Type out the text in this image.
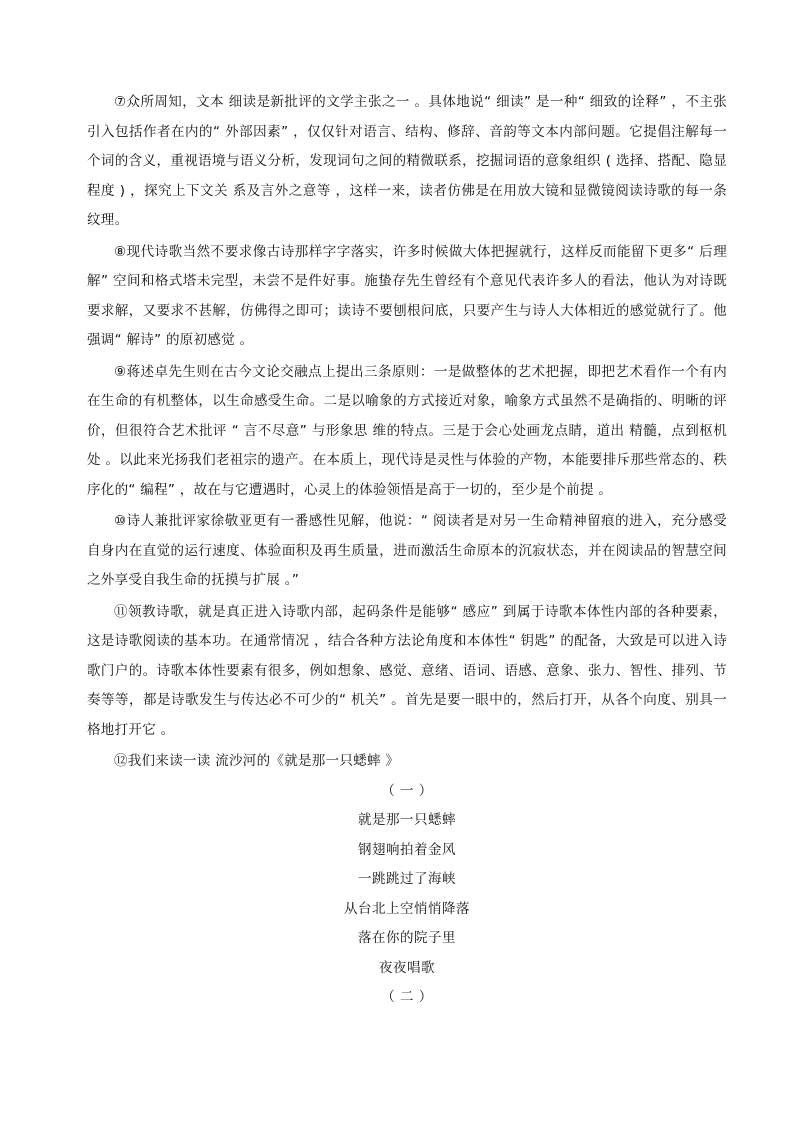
⑦众所周知，文本 细读是新批评的文学主张之一 。具体地说“ 细读” 是一种“ 细致的诠释” ，不主张引入包括作者在内的“ 外部因素” ，仅仅针对语言、结构、修辞、音韵等文本内部问题。它提倡注解每一个词的含义，重视语境与语义分析，发现词句之间的精微联系，挖掘词语的意象组织 ( 选择、搭配、隐显程度 ) ，探究上下文关 系及言外之意等 ，这样一来，读者仿佛是在用放大镜和显微镜阅读诗歌的每一条 纹理。

⑧现代诗歌当然不要求像古诗那样字字落实，许多时候做大体把握就行，这样反而能留下更多“ 后理解” 空间和格式塔未完型，未尝不是件好事。施蛰存先生曾经有个意见代表许多人的看法，他认为对诗既要求解，又要求不甚解，仿佛得之即可；读诗不要刨根问底，只要产生与诗人大体相近的感觉就行了。他强调“ 解诗” 的原初感觉 。

⑨蒋述卓先生则在古今文论交融点上提出三条原则：一是做整体的艺术把握，即把艺术看作一个有内在生命的有机整体，以生命感受生命。二是以喻象的方式接近对象，喻象方式虽然不是确指的、明晰的评价，但很符合艺术批评 “ 言不尽意” 与形象思 维的特点。三是于会心处画龙点睛，道出 精髓，点到枢机处 。以此来光扬我们老祖宗的遗产。在本质上，现代诗是灵性与体验的产物，本能要排斥那些常态的、秩序化的“ 编程” ，故在与它遭遇时，心灵上的体验领悟是高于一切的，至少是个前提 。

⑩诗人兼批评家徐敬亚更有一番感性见解，他说：“ 阅读者是对另一生命精神留痕的进入，充分感受自身内在直觉的运行速度、体验面积及再生质量，进而激活生命原本的沉寂状态，并在阅读品的智慧空间之外享受自我生命的抚摸与扩展 。”

⑪领教诗歌，就是真正进入诗歌内部，起码条件是能够“ 感应” 到属于诗歌本体性内部的各种要素，这是诗歌阅读的基本功。在通常情况 ，结合各种方法论角度和本体性“ 钥匙” 的配备，大致是可以进入诗歌门户的。诗歌本体性要素有很多，例如想象、感觉、意绪、语词、语感、意象、张力、智性、排列、节奏等等，都是诗歌发生与传达必不可少的“ 机关” 。首先是要一眼中的，然后打开，从各个向度、别具一格地打开它 。

⑫我们来读一读 流沙河的《就是那一只蟋蟀 》

（ 一 ）
就是那一只蟋蟀
钢翅响拍着金风
一跳跳过了海峡
从台北上空悄悄降落
落在你的院子里
夜夜唱歌
（ 二 ）
